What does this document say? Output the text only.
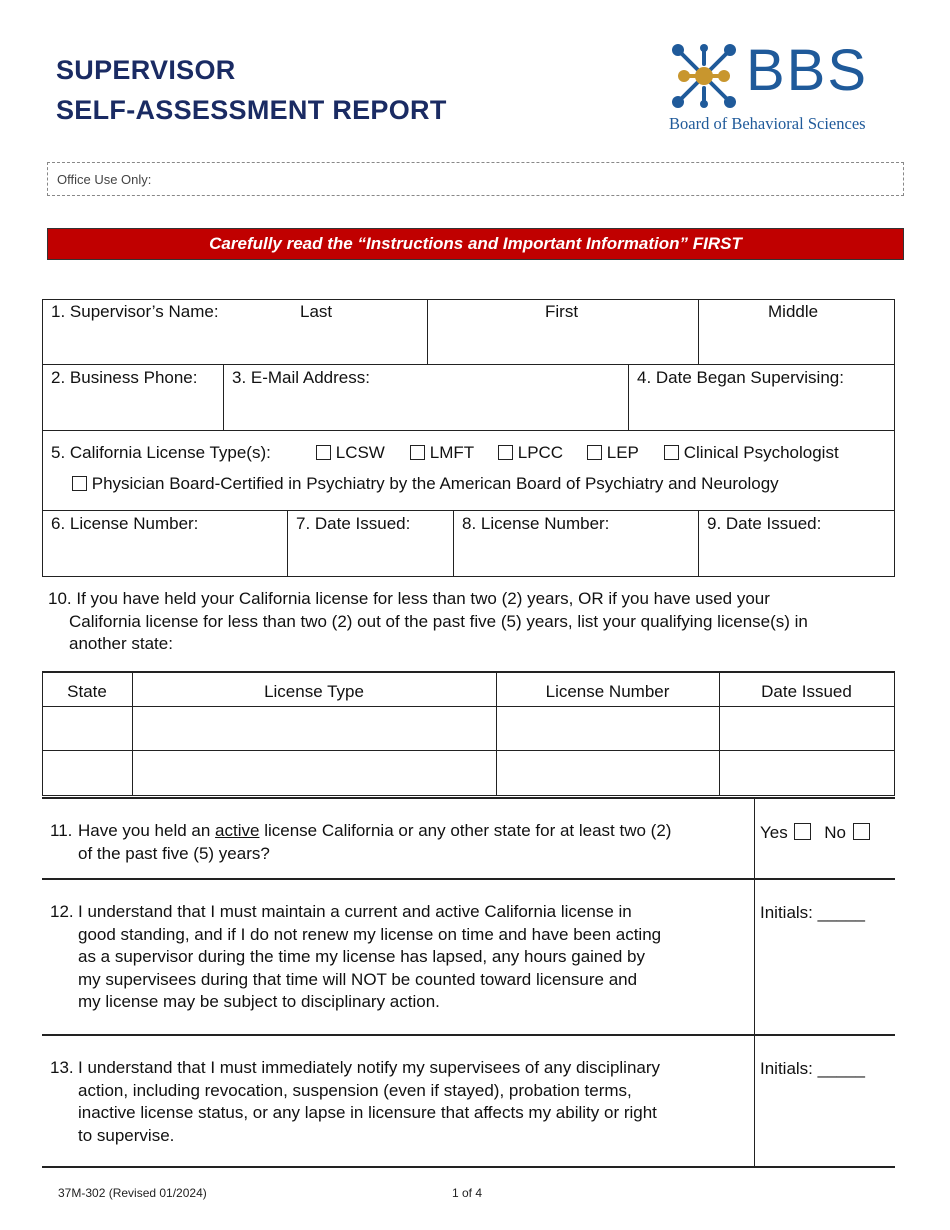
SUPERVISOR
SELF-ASSESSMENT REPORT
BBS
Board of Behavioral Sciences
Office Use Only:
Carefully read the “Instructions and Important Information” FIRST
1. Supervisor’s Name:	Last	First	Middle
2. Business Phone: 3. E-Mail Address:	4. Date Began Supervising:
5. California License Type(s):	LCSW	LMFT	LPCC	LEP	Clinical Psychologist
Physician Board-Certified in Psychiatry by the American Board of Psychiatry and Neurology
6. License Number:	7. Date Issued:	8. License Number:	9. Date Issued:
10. If you have held your California license for less than two (2) years, OR if you have used your
California license for less than two (2) out of the past five (5) years, list your qualifying license(s) in
another state:
State	License Type	License Number	Date Issued
11. Have you held an active license California or any other state for at least two (2)
of the past five (5) years?
Yes No
12. I understand that I must maintain a current and active California license in
good standing, and if I do not renew my license on time and have been acting
as a supervisor during the time my license has lapsed, any hours gained by
my supervisees during that time will NOT be counted toward licensure and
my license may be subject to disciplinary action.
Initials: _____
13. I understand that I must immediately notify my supervisees of any disciplinary
action, including revocation, suspension (even if stayed), probation terms,
inactive license status, or any lapse in licensure that affects my ability or right
to supervise.
Initials: _____
37M-302 (Revised 01/2024)	1 of 4
